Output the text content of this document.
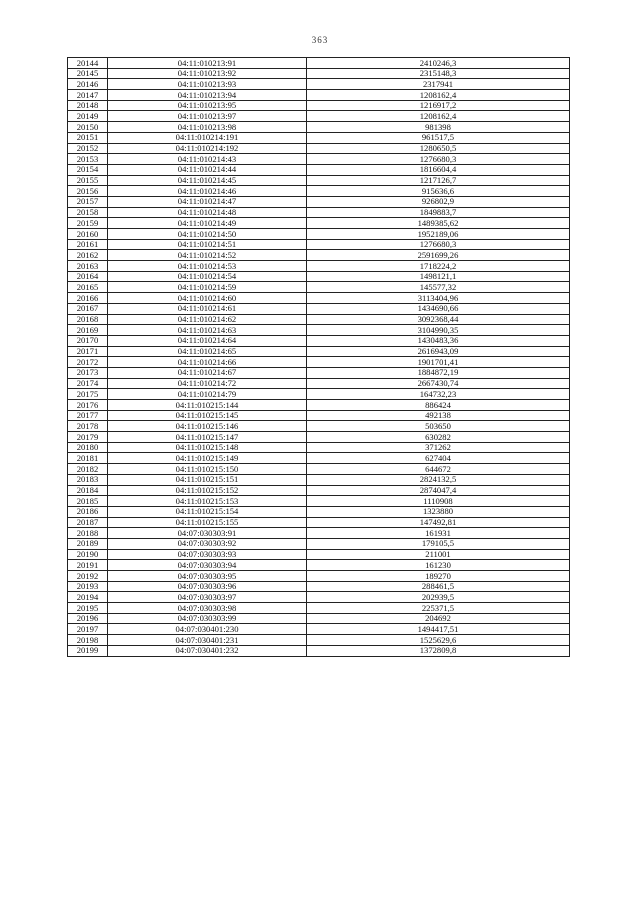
363
20144	04:11:010213:91	2410246,3
20145	04:11:010213:92	2315148,3
20146	04:11:010213:93	2317941
20147	04:11:010213:94	1208162,4
20148	04:11:010213:95	1216917,2
20149	04:11:010213:97	1208162,4
20150	04:11:010213:98	981398
20151	04:11:010214:191	961517,5
20152	04:11:010214:192	1280650,5
20153	04:11:010214:43	1276680,3
20154	04:11:010214:44	1816604,4
20155	04:11:010214:45	1217126,7
20156	04:11:010214:46	915636,6
20157	04:11:010214:47	926802,9
20158	04:11:010214:48	1849883,7
20159	04:11:010214:49	1489385,62
20160	04:11:010214:50	1952189,06
20161	04:11:010214:51	1276680,3
20162	04:11:010214:52	2591699,26
20163	04:11:010214:53	1718224,2
20164	04:11:010214:54	1498121,1
20165	04:11:010214:59	145577,32
20166	04:11:010214:60	3113404,96
20167	04:11:010214:61	1434690,66
20168	04:11:010214:62	3092368,44
20169	04:11:010214:63	3104990,35
20170	04:11:010214:64	1430483,36
20171	04:11:010214:65	2616943,09
20172	04:11:010214:66	1901701,41
20173	04:11:010214:67	1884872,19
20174	04:11:010214:72	2667430,74
20175	04:11:010214:79	164732,23
20176	04:11:010215:144	886424
20177	04:11:010215:145	492138
20178	04:11:010215:146	503650
20179	04:11:010215:147	630282
20180	04:11:010215:148	371262
20181	04:11:010215:149	627404
20182	04:11:010215:150	644672
20183	04:11:010215:151	2824132,5
20184	04:11:010215:152	2874047,4
20185	04:11:010215:153	1110908
20186	04:11:010215:154	1323880
20187	04:11:010215:155	147492,81
20188	04:07:030303:91	161931
20189	04:07:030303:92	179105,5
20190	04:07:030303:93	211001
20191	04:07:030303:94	161230
20192	04:07:030303:95	189270
20193	04:07:030303:96	288461,5
20194	04:07:030303:97	202939,5
20195	04:07:030303:98	225371,5
20196	04:07:030303:99	204692
20197	04:07:030401:230	1494417,51
20198	04:07:030401:231	1525629,6
20199	04:07:030401:232	1372809,8
